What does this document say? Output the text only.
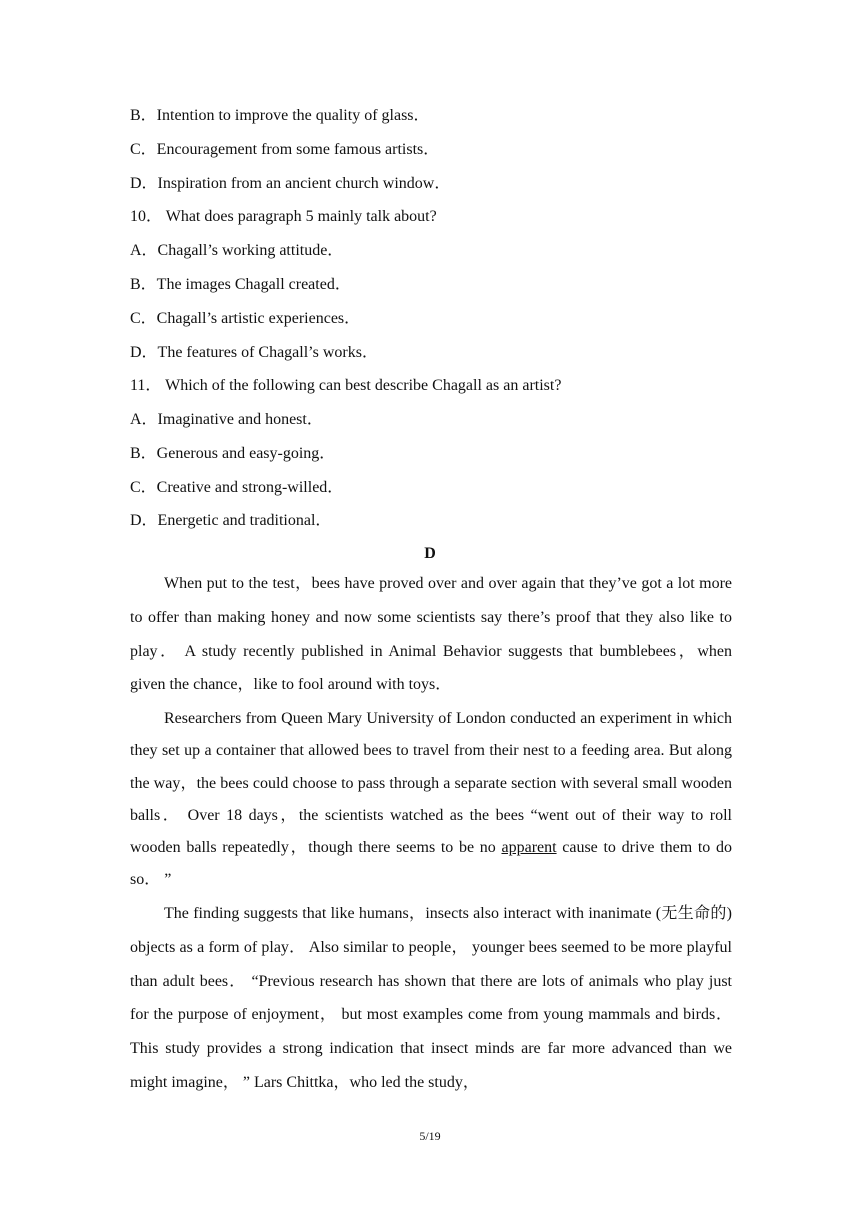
B．Intention to improve the quality of glass．
C．Encouragement from some famous artists．
D．Inspiration from an ancient church window．
10． What does paragraph 5 mainly talk about?
A．Chagall’s working attitude．
B．The images Chagall created．
C．Chagall’s artistic experiences．
D．The features of Chagall’s works．
11． Which of the following can best describe Chagall as an artist?
A．Imaginative and honest．
B．Generous and easy-going．
C．Creative and strong-willed．
D．Energetic and traditional．
D
When put to the test，bees have proved over and over again that they’ve got a lot more to offer than making honey and now some scientists say there’s proof that they also like to play． A study recently published in Animal Behavior suggests that bumblebees，when given the chance，like to fool around with toys．
Researchers from Queen Mary University of London conducted an experiment in which they set up a container that allowed bees to travel from their nest to a feeding area. But along the way，the bees could choose to pass through a separate section with several small wooden balls． Over 18 days，the scientists watched as the bees “went out of their way to roll wooden balls repeatedly，though there seems to be no apparent cause to drive them to do so． ”
The finding suggests that like humans，insects also interact with inanimate (无生命的) objects as a form of play． Also similar to people， younger bees seemed to be more playful than adult bees． “Previous research has shown that there are lots of animals who play just for the purpose of enjoyment， but most examples come from young mammals and birds． This study provides a strong indication that insect minds are far more advanced than we might imagine， ” Lars Chittka，who led the study，
5/19
